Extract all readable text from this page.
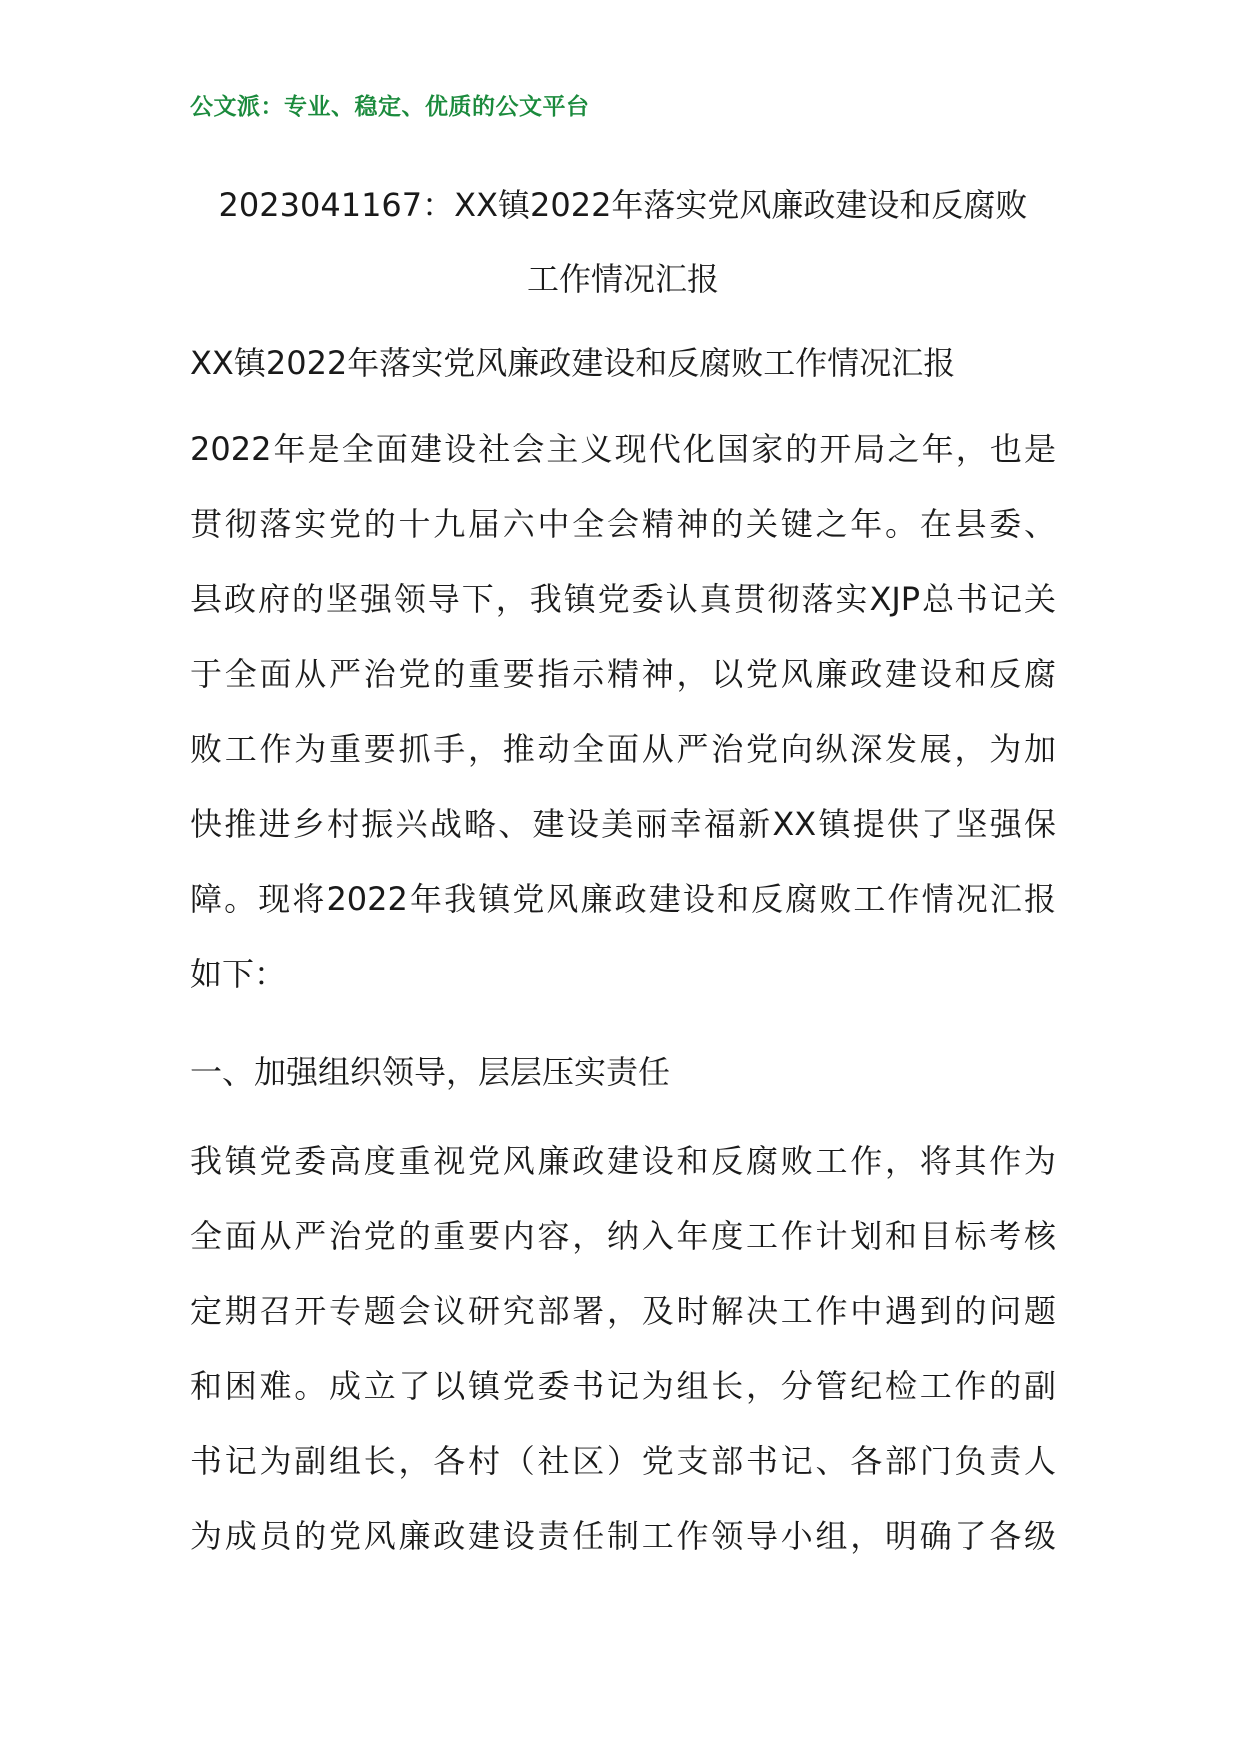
公文派：专业、稳定、优质的公文平台
2023041167：XX镇2022年落实党风廉政建设和反腐败
工作情况汇报
XX镇2022年落实党风廉政建设和反腐败工作情况汇报
2022年是全面建设社会主义现代化国家的开局之年，也是
贯彻落实党的十九届六中全会精神的关键之年。在县委、
县政府的坚强领导下，我镇党委认真贯彻落实XJP总书记关
于全面从严治党的重要指示精神，以党风廉政建设和反腐
败工作为重要抓手，推动全面从严治党向纵深发展，为加
快推进乡村振兴战略、建设美丽幸福新XX镇提供了坚强保
障。现将2022年我镇党风廉政建设和反腐败工作情况汇报
如下：
一、加强组织领导，层层压实责任
我镇党委高度重视党风廉政建设和反腐败工作，将其作为
全面从严治党的重要内容，纳入年度工作计划和目标考核
定期召开专题会议研究部署，及时解决工作中遇到的问题
和困难。成立了以镇党委书记为组长，分管纪检工作的副
书记为副组长，各村（社区）党支部书记、各部门负责人
为成员的党风廉政建设责任制工作领导小组，明确了各级
